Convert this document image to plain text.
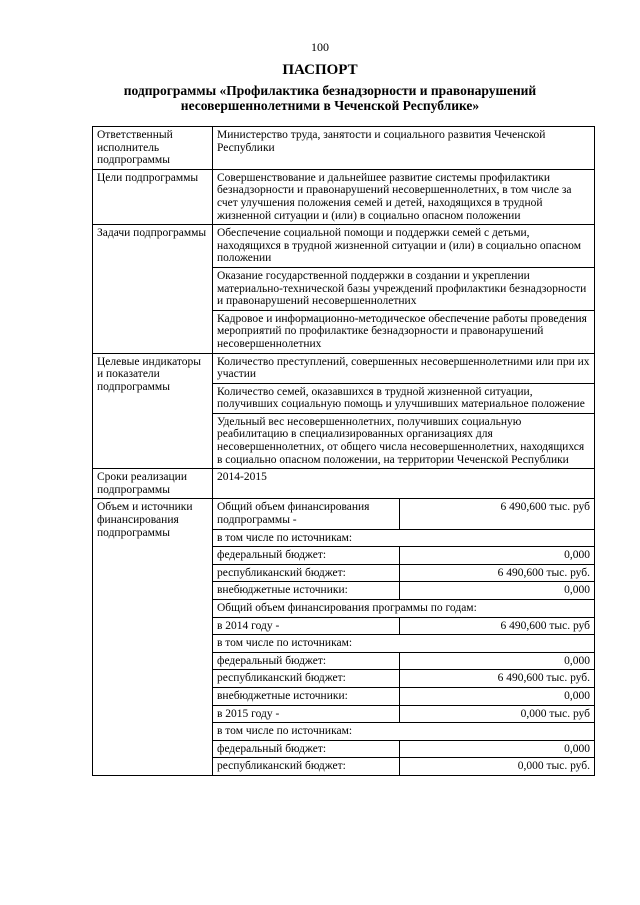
100
ПАСПОРТ
подпрограммы «Профилактика безнадзорности и правонарушений
несовершеннолетними в Чеченской Республике»
Ответственный исполнитель подпрограммы	Министерство труда, занятости и социального развития Чеченской Республики	
Цели подпрограммы	Совершенствование и дальнейшее развитие системы профилактики безнадзорности и правонарушений несовершеннолетних, в том числе за счет улучшения положения семей и детей, находящихся в трудной жизненной ситуации и (или) в социально опасном положении	
Задачи подпрограммы	Обеспечение социальной помощи и поддержки семей с детьми, находящихся в трудной жизненной ситуации и (или) в социально опасном положении	
	Оказание государственной поддержки в создании и укреплении материально-технической базы учреждений профилактики безнадзорности и правонарушений несовершеннолетних	
	Кадровое и информационно-методическое обеспечение работы проведения мероприятий по профилактике безнадзорности и правонарушений несовершеннолетних	
Целевые индикаторы и показатели подпрограммы	Количество преступлений, совершенных несовершеннолетними или при их участии	
	Количество семей, оказавшихся в трудной жизненной ситуации, получивших социальную помощь и улучшивших материальное положение	
	Удельный вес несовершеннолетних, получивших социальную реабилитацию в специализированных организациях для несовершеннолетних, от общего числа несовершеннолетних, находящихся в социально опасном положении, на территории Чеченской Республики	
Сроки реализации подпрограммы	2014-2015	
Объем и источники финансирования подпрограммы	Общий объем финансирования подпрограммы -	6 490,600 тыс. руб
	в том числе по источникам:	
	федеральный бюджет:	0,000
	республиканский бюджет:	6 490,600 тыс. руб.
	внебюджетные источники:	0,000
	Общий объем финансирования программы по годам:	
	в 2014 году -	6 490,600 тыс. руб
	в том числе по источникам:	
	федеральный бюджет:	0,000
	республиканский бюджет:	6 490,600 тыс. руб.
	внебюджетные источники:	0,000
	в 2015 году -	0,000 тыс. руб
	в том числе по источникам:	
	федеральный бюджет:	0,000
	республиканский бюджет:	0,000 тыс. руб.
